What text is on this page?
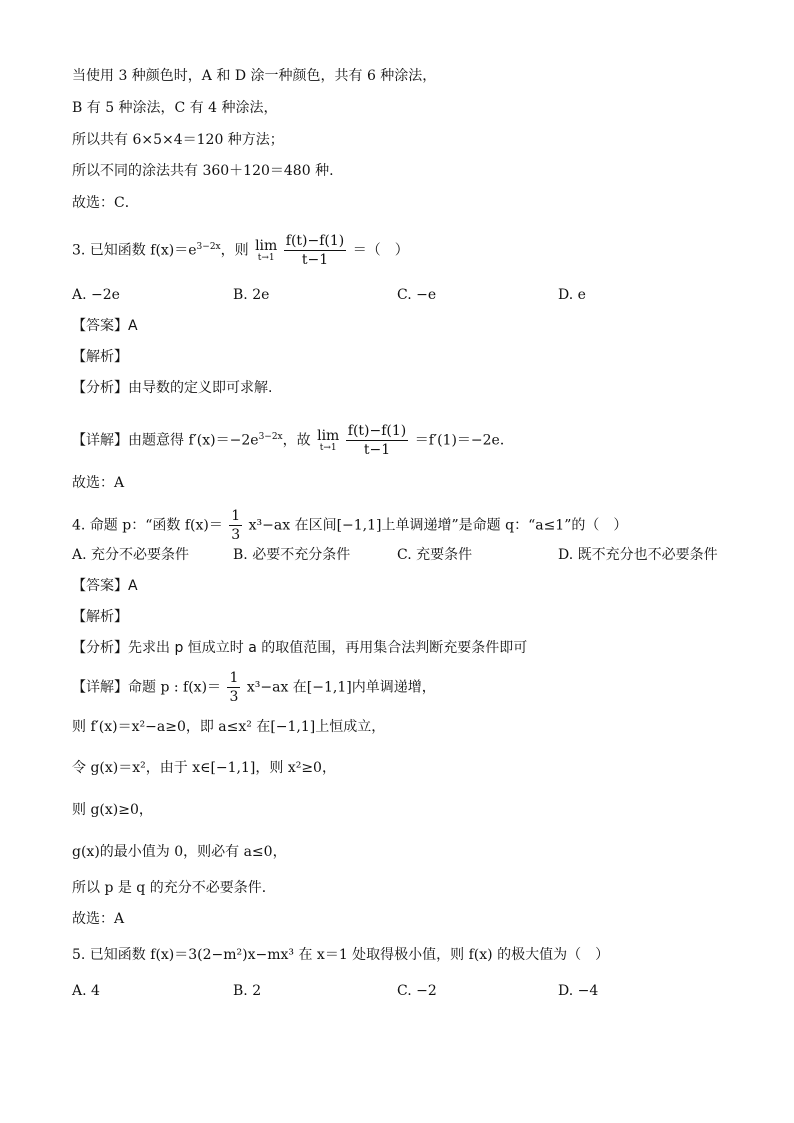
当使用 3 种颜色时，A 和 D 涂一种颜色，共有 6 种涂法，
B 有 5 种涂法，C 有 4 种涂法，
所以共有 6×5×4＝120 种方法；
所以不同的涂法共有 360＋120＝480 种.
故选：C．
3. 已知函数 $f(x)=e^{3-2x}$，则 lim
t→1
$\frac{f(t)-f(1)}{t-1}$ ＝（　）
A. −2e	B. 2e	C. −e	D. e
【答案】A
【解析】
【分析】由导数的定义即可求解.
【详解】由题意得 $f'(x)=-2e^{3-2x}$，故 lim
t→1
$\frac{f(t)-f(1)}{t-1} =f'(1)=-2e$．
故选：A
4. 命题 p：“函数 $f(x)= \frac{1}{3} x^3-ax$ 在区间[−1,1]上单调递增”是命题 q：“a≤1”的（　）
A. 充分不必要条件	B. 必要不充分条件	C. 充要条件	D. 既不充分也不必要条件
【答案】A
【解析】
【分析】先求出 p 恒成立时 a 的取值范围，再用集合法判断充要条件即可
【详解】命题 p : $f(x)= \frac{1}{3} x^3-ax$ 在[−1,1]内单调递增，
则 f′(x)＝x²−a≥0，即 a≤x² 在[−1,1]上恒成立，
令 g(x)＝x²，由于 x∈[−1,1]，则 x²≥0，
则 g(x)≥0，
g(x)的最小值为 0，则必有 a≤0，
所以 p 是 q 的充分不必要条件．
故选：A
5. 已知函数 f(x)＝3(2−m²)x−mx³ 在 x＝1 处取得极小值，则 f(x) 的极大值为（　）
A. 4	B. 2	C. −2	D. −4
